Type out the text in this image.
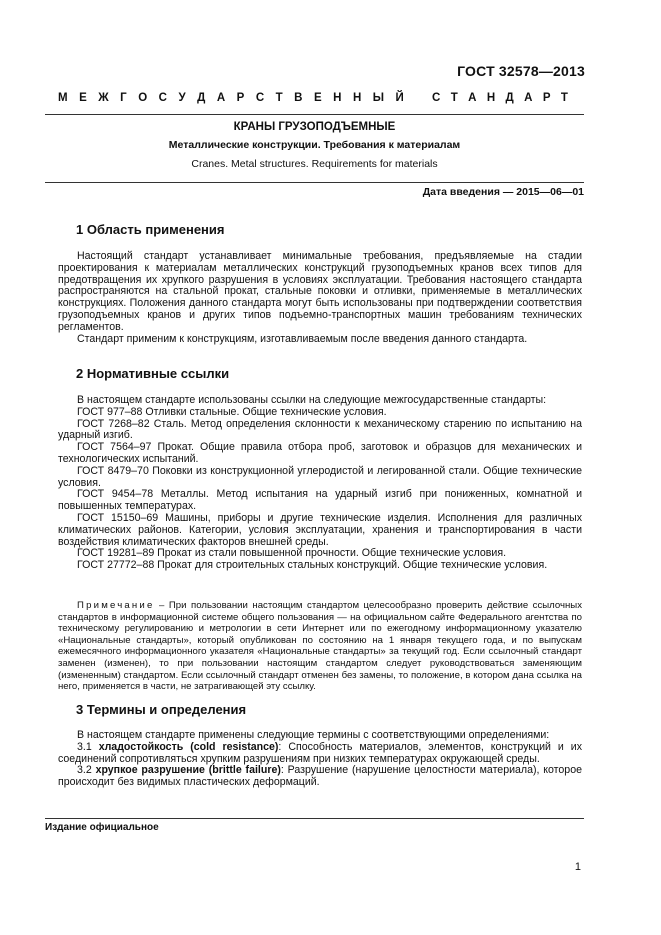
ГОСТ 32578—2013
М Е Ж Г О С У Д А Р С Т В Е Н Н Ы Й С Т А Н Д А Р Т
КРАНЫ ГРУЗОПОДЪЕМНЫЕ
Металлические конструкции. Требования к материалам
Cranes. Metal structures. Requirements for materials
Дата введения — 2015—06—01
1 Область применения

Настоящий стандарт устанавливает минимальные требования, предъявляемые на стадии проектирования к материалам металлических конструкций грузоподъемных кранов всех типов для предотвращения их хрупкого разрушения в условиях эксплуатации. Требования настоящего стандарта распространяются на стальной прокат, стальные поковки и отливки, применяемые в металлических конструкциях. Положения данного стандарта могут быть использованы при подтверждении соответствия грузоподъемных кранов и других типов подъемно-транспортных машин требованиям технических регламентов.

Стандарт применим к конструкциям, изготавливаемым после введения данного стандарта.

2 Нормативные ссылки

В настоящем стандарте использованы ссылки на следующие межгосударственные стандарты:

ГОСТ 977–88 Отливки стальные. Общие технические условия.

ГОСТ 7268–82 Сталь. Метод определения склонности к механическому старению по испытанию на ударный изгиб.

ГОСТ 7564–97 Прокат. Общие правила отбора проб, заготовок и образцов для механических и технологических испытаний.

ГОСТ 8479–70 Поковки из конструкционной углеродистой и легированной стали. Общие технические условия.

ГОСТ 9454–78 Металлы. Метод испытания на ударный изгиб при пониженных, комнатной и повышенных температурах.

ГОСТ 15150–69 Машины, приборы и другие технические изделия. Исполнения для различных климатических районов. Категории, условия эксплуатации, хранения и транспортирования в части воздействия климатических факторов внешней среды.

ГОСТ 19281–89 Прокат из стали повышенной прочности. Общие технические условия.

ГОСТ 27772–88 Прокат для строительных стальных конструкций. Общие технические условия.

Примечание – При пользовании настоящим стандартом целесообразно проверить действие ссылочных стандартов в информационной системе общего пользования — на официальном сайте Федерального агентства по техническому регулированию и метрологии в сети Интернет или по ежегодному информационному указателю «Национальные стандарты», который опубликован по состоянию на 1 января текущего года, и по выпускам ежемесячного информационного указателя «Национальные стандарты» за текущий год. Если ссылочный стандарт заменен (изменен), то при пользовании настоящим стандартом следует руководствоваться заменяющим (измененным) стандартом. Если ссылочный стандарт отменен без замены, то положение, в котором дана ссылка на него, применяется в части, не затрагивающей эту ссылку.

3 Термины и определения

В настоящем стандарте применены следующие термины с соответствующими определениями:

3.1 хладостойкость (cold resistance): Способность материалов, элементов, конструкций и их соединений сопротивляться хрупким разрушениям при низких температурах окружающей среды.

3.2 хрупкое разрушение (brittle failure): Разрушение (нарушение целостности материала), которое происходит без видимых пластических деформаций.

Издание официальное
1
